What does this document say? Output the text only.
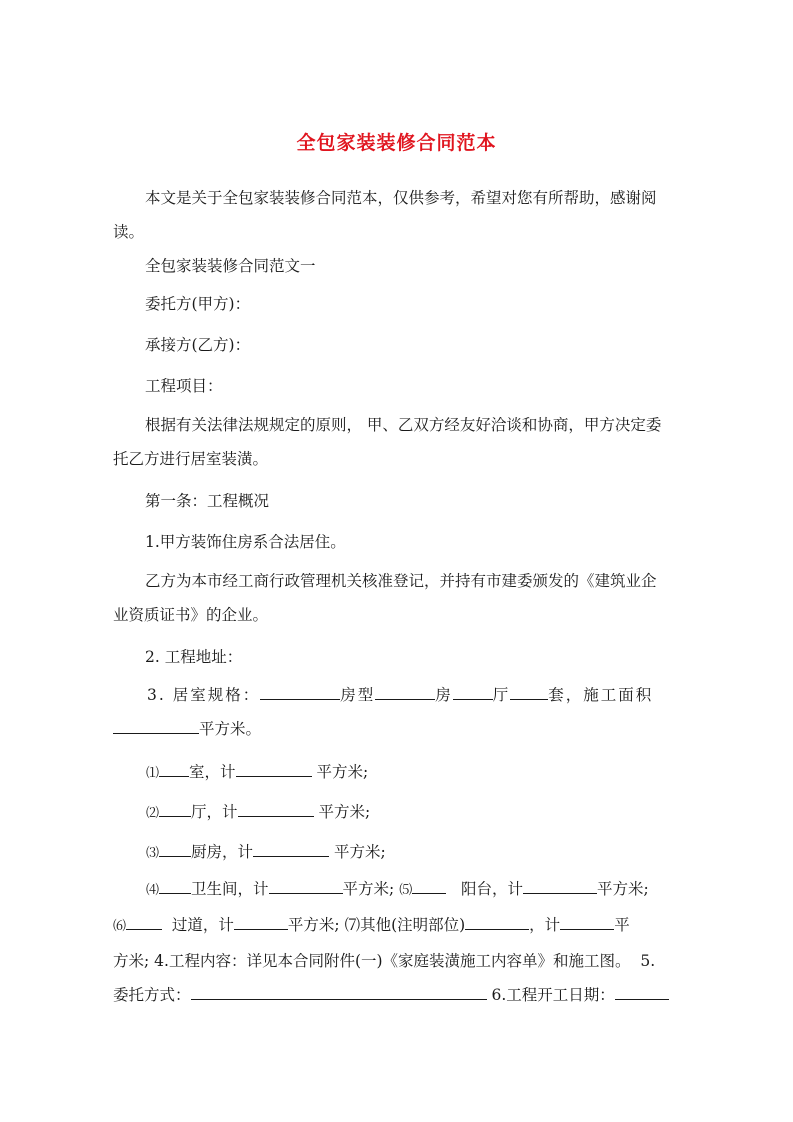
全包家装装修合同范本
本文是关于全包家装装修合同范本，仅供参考，希望对您有所帮助，感谢阅
读。
全包家装装修合同范文一
委托方(甲方)：
承接方(乙方)：
工程项目：
根据有关法律法规规定的原则， 甲、乙双方经友好洽谈和协商，甲方决定委
托乙方进行居室装潢。
第一条：工程概况
1.甲方装饰住房系合法居住。
乙方为本市经工商行政管理机关核准登记，并持有市建委颁发的《建筑业企
业资质证书》的企业。
2. 工程地址：
3. 居室规格：	房型	房	厅 套，施工面积
平方米。
⑴ 室，计	平方米;
⑵ 厅，计	平方米;
⑶ 厨房，计	平方米;
⑷ 卫生间，计	平方米; ⑸	阳台，计	平方米;
⑹	过道，计	平方米; ⑺其他(注明部位)	，计	平
方米; 4.工程内容：详见本合同附件(一)《家庭装潢施工内容单》和施工图。 5.
委托方式：	6.工程开工日期：
